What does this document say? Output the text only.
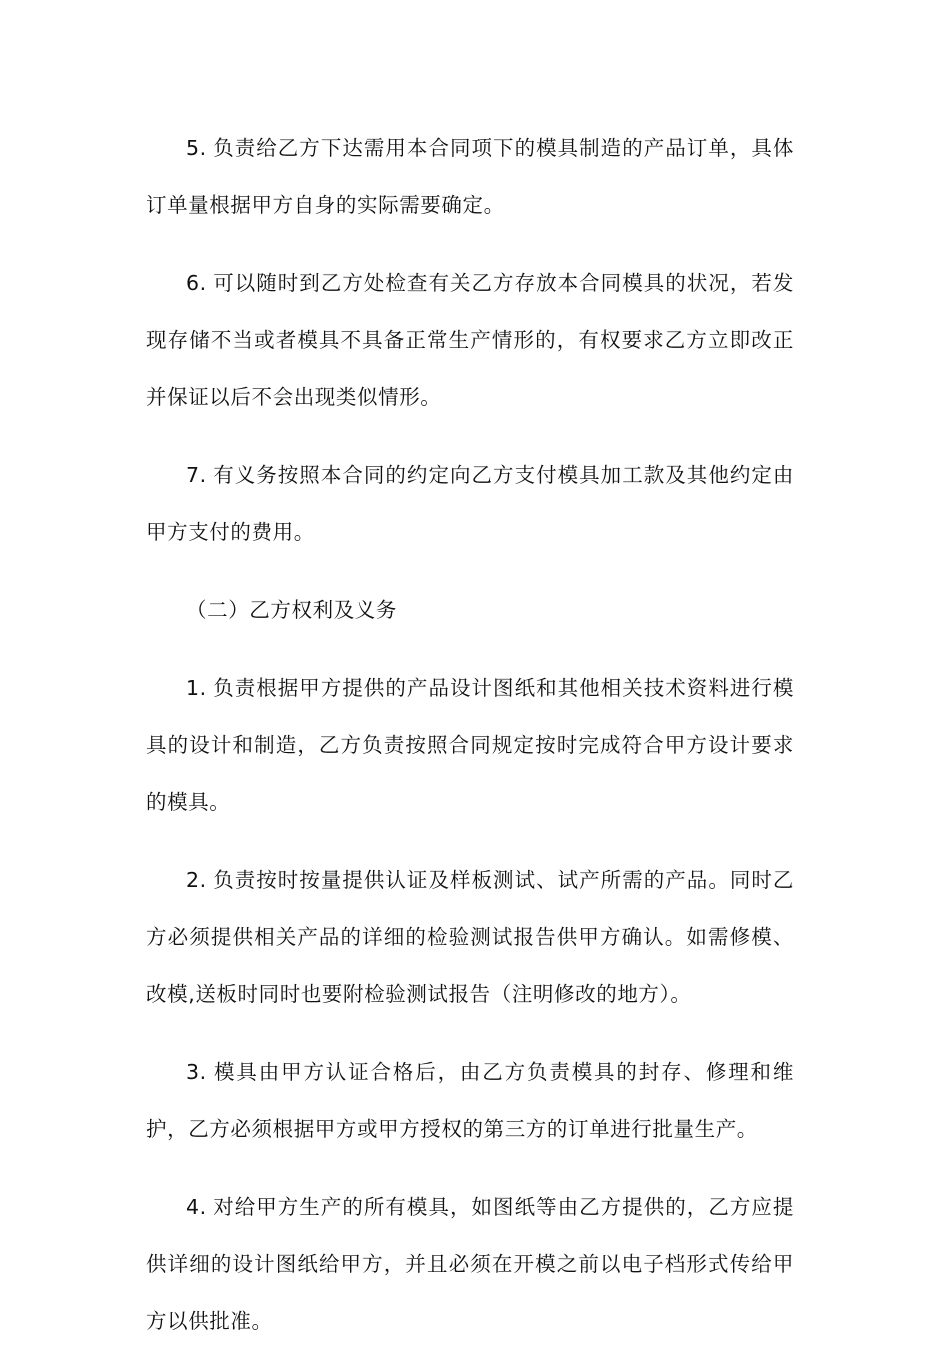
5. 负责给乙方下达需用本合同项下的模具制造的产品订单，具体订单量根据甲方自身的实际需要确定。

6. 可以随时到乙方处检查有关乙方存放本合同模具的状况，若发现存储不当或者模具不具备正常生产情形的，有权要求乙方立即改正并保证以后不会出现类似情形。

7. 有义务按照本合同的约定向乙方支付模具加工款及其他约定由甲方支付的费用。

（二）乙方权利及义务

1. 负责根据甲方提供的产品设计图纸和其他相关技术资料进行模具的设计和制造，乙方负责按照合同规定按时完成符合甲方设计要求的模具。

2. 负责按时按量提供认证及样板测试、试产所需的产品。同时乙方必须提供相关产品的详细的检验测试报告供甲方确认。如需修模、改模,送板时同时也要附检验测试报告（注明修改的地方）。

3. 模具由甲方认证合格后，由乙方负责模具的封存、修理和维护，乙方必须根据甲方或甲方授权的第三方的订单进行批量生产。

4. 对给甲方生产的所有模具，如图纸等由乙方提供的，乙方应提供详细的设计图纸给甲方，并且必须在开模之前以电子档形式传给甲方以供批准。
